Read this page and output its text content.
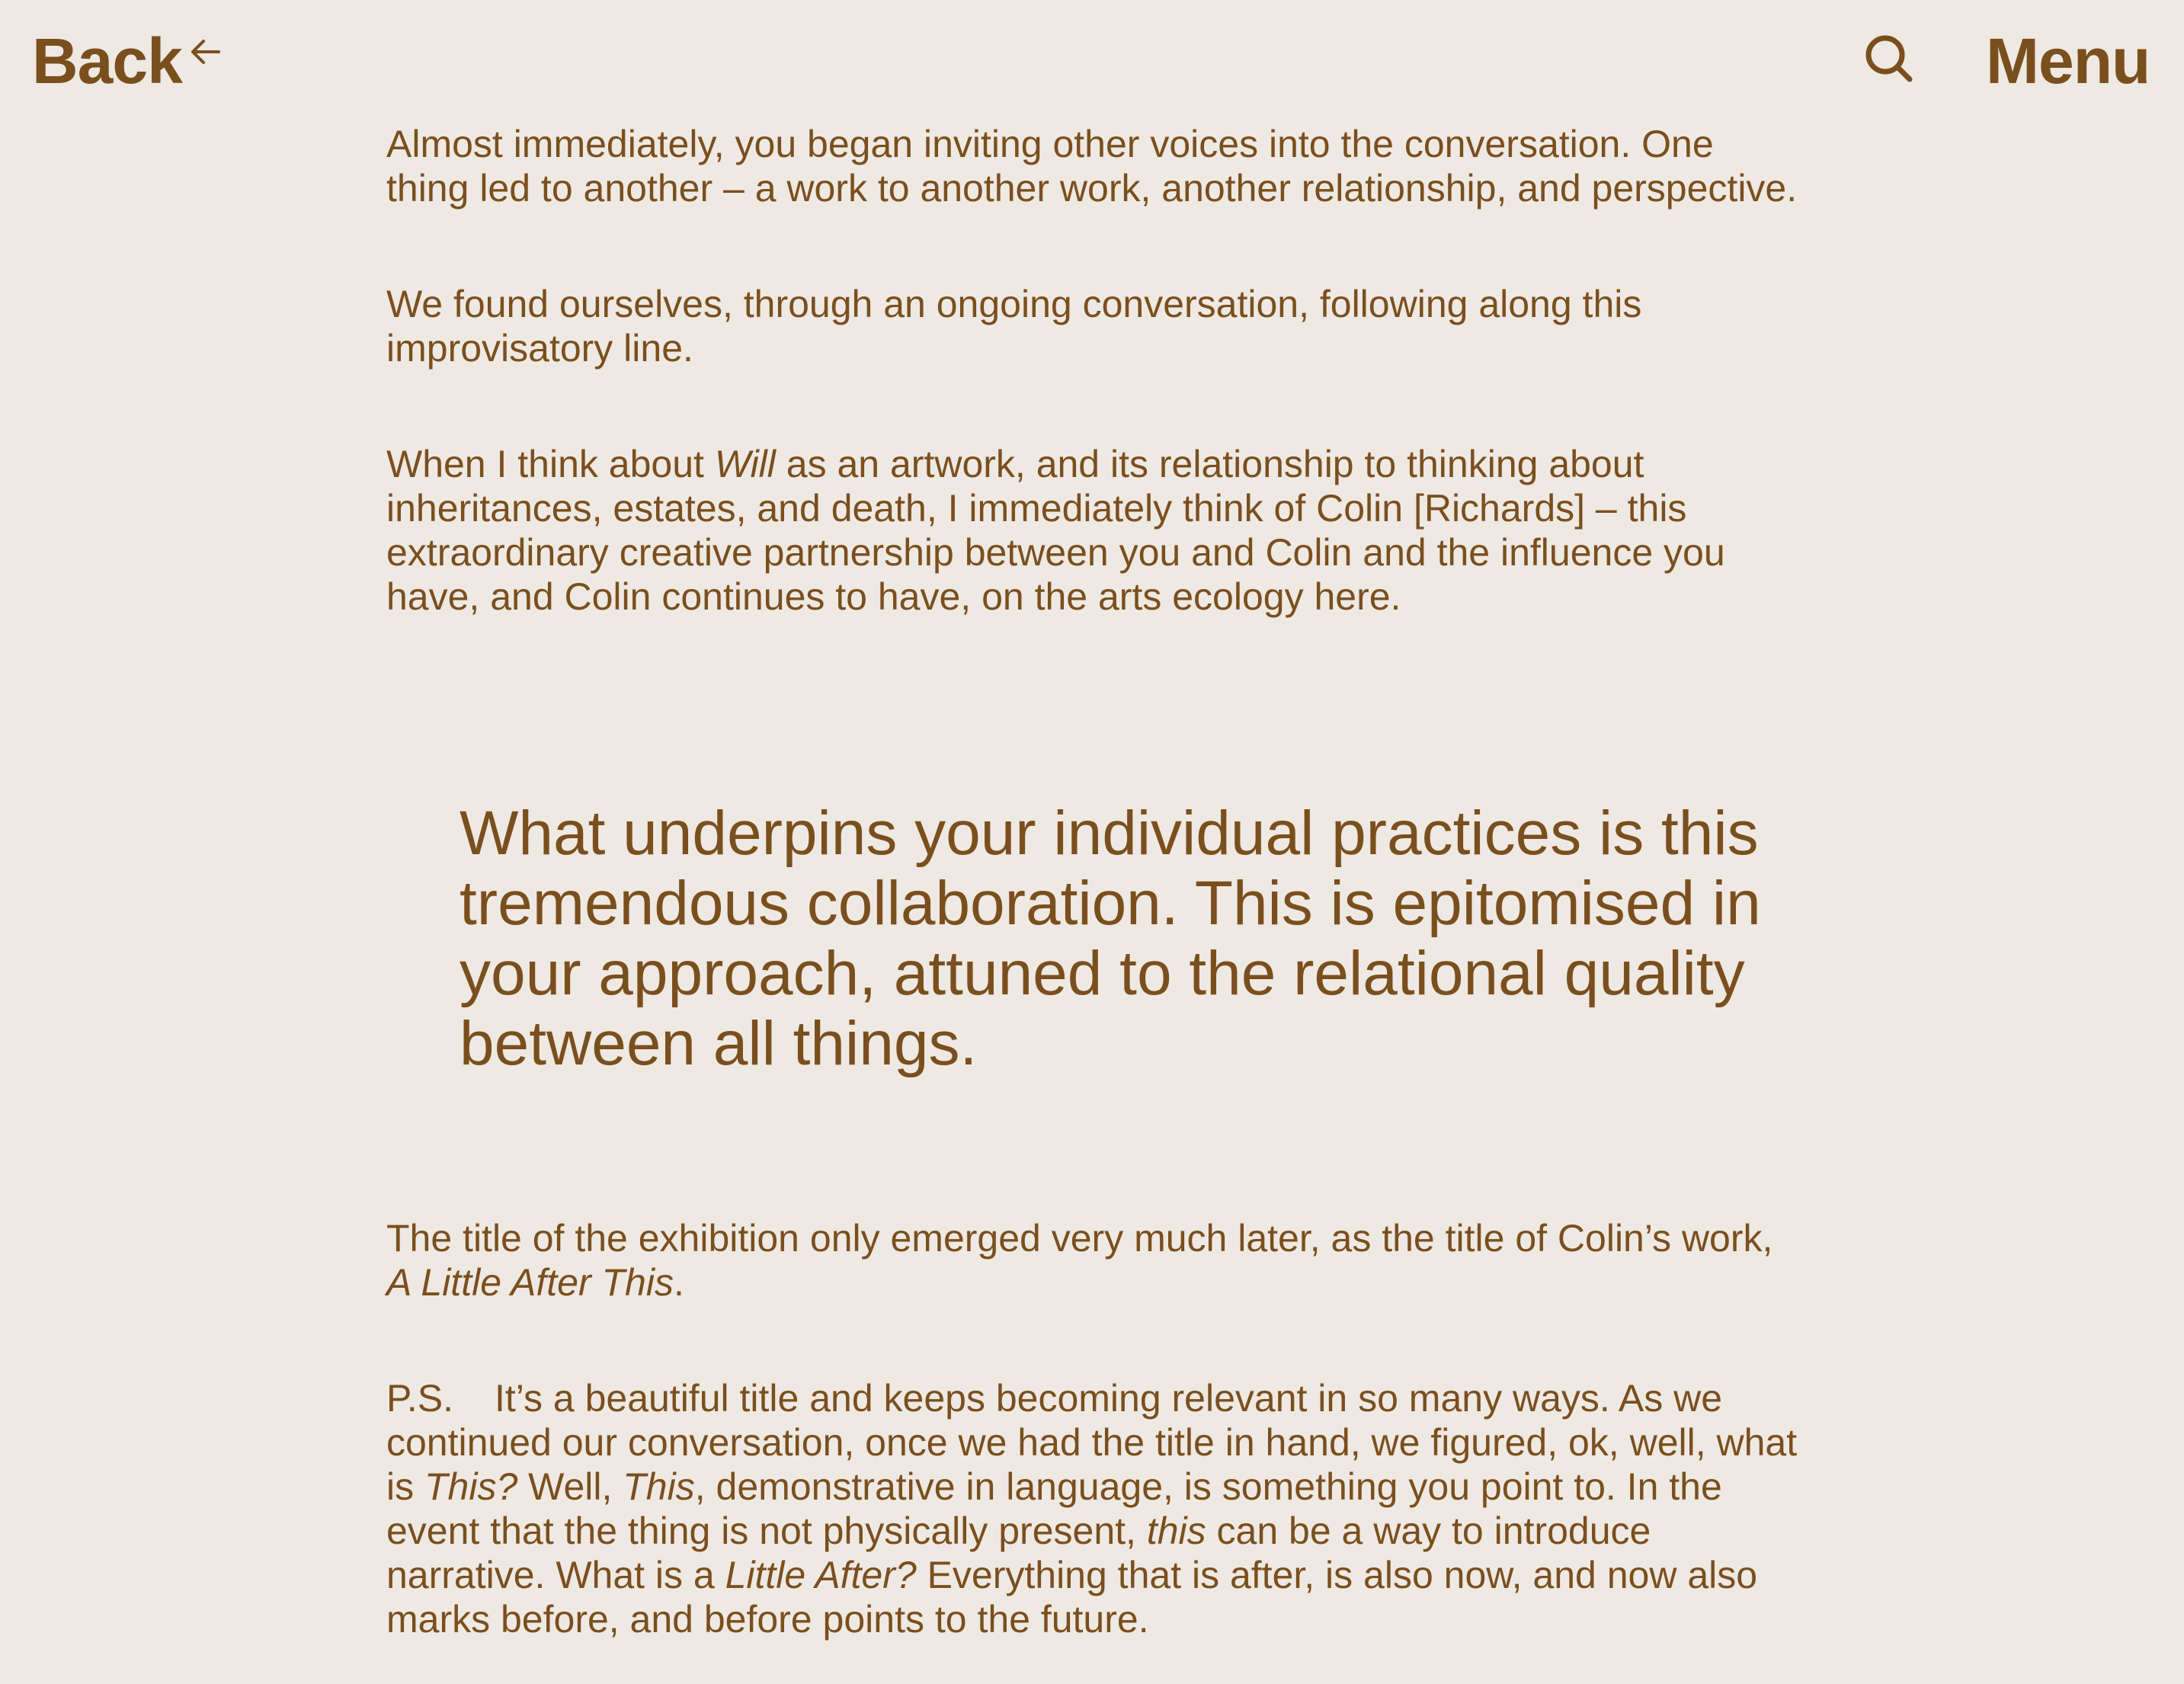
Back	Menu

Almost immediately, you began inviting other voices into the conversation. One thing led to another – a work to another work, another relationship, and perspective.

We found ourselves, through an ongoing conversation, following along this improvisatory line.

When I think about Will as an artwork, and its relationship to thinking about inheritances, estates, and death, I immediately think of Colin [Richards] – this extraordinary creative partnership between you and Colin and the influence you have, and Colin continues to have, on the arts ecology here.

What underpins your individual practices is this tremendous collaboration. This is epitomised in your approach, attuned to the relational quality between all things.

The title of the exhibition only emerged very much later, as the title of Colin’s work, A Little After This.

P.S. It’s a beautiful title and keeps becoming relevant in so many ways. As we continued our conversation, once we had the title in hand, we figured, ok, well, what is This? Well, This, demonstrative in language, is something you point to. In the event that the thing is not physically present, this can be a way to introduce narrative. What is a Little After? Everything that is after, is also now, and now also marks before, and before points to the future.
